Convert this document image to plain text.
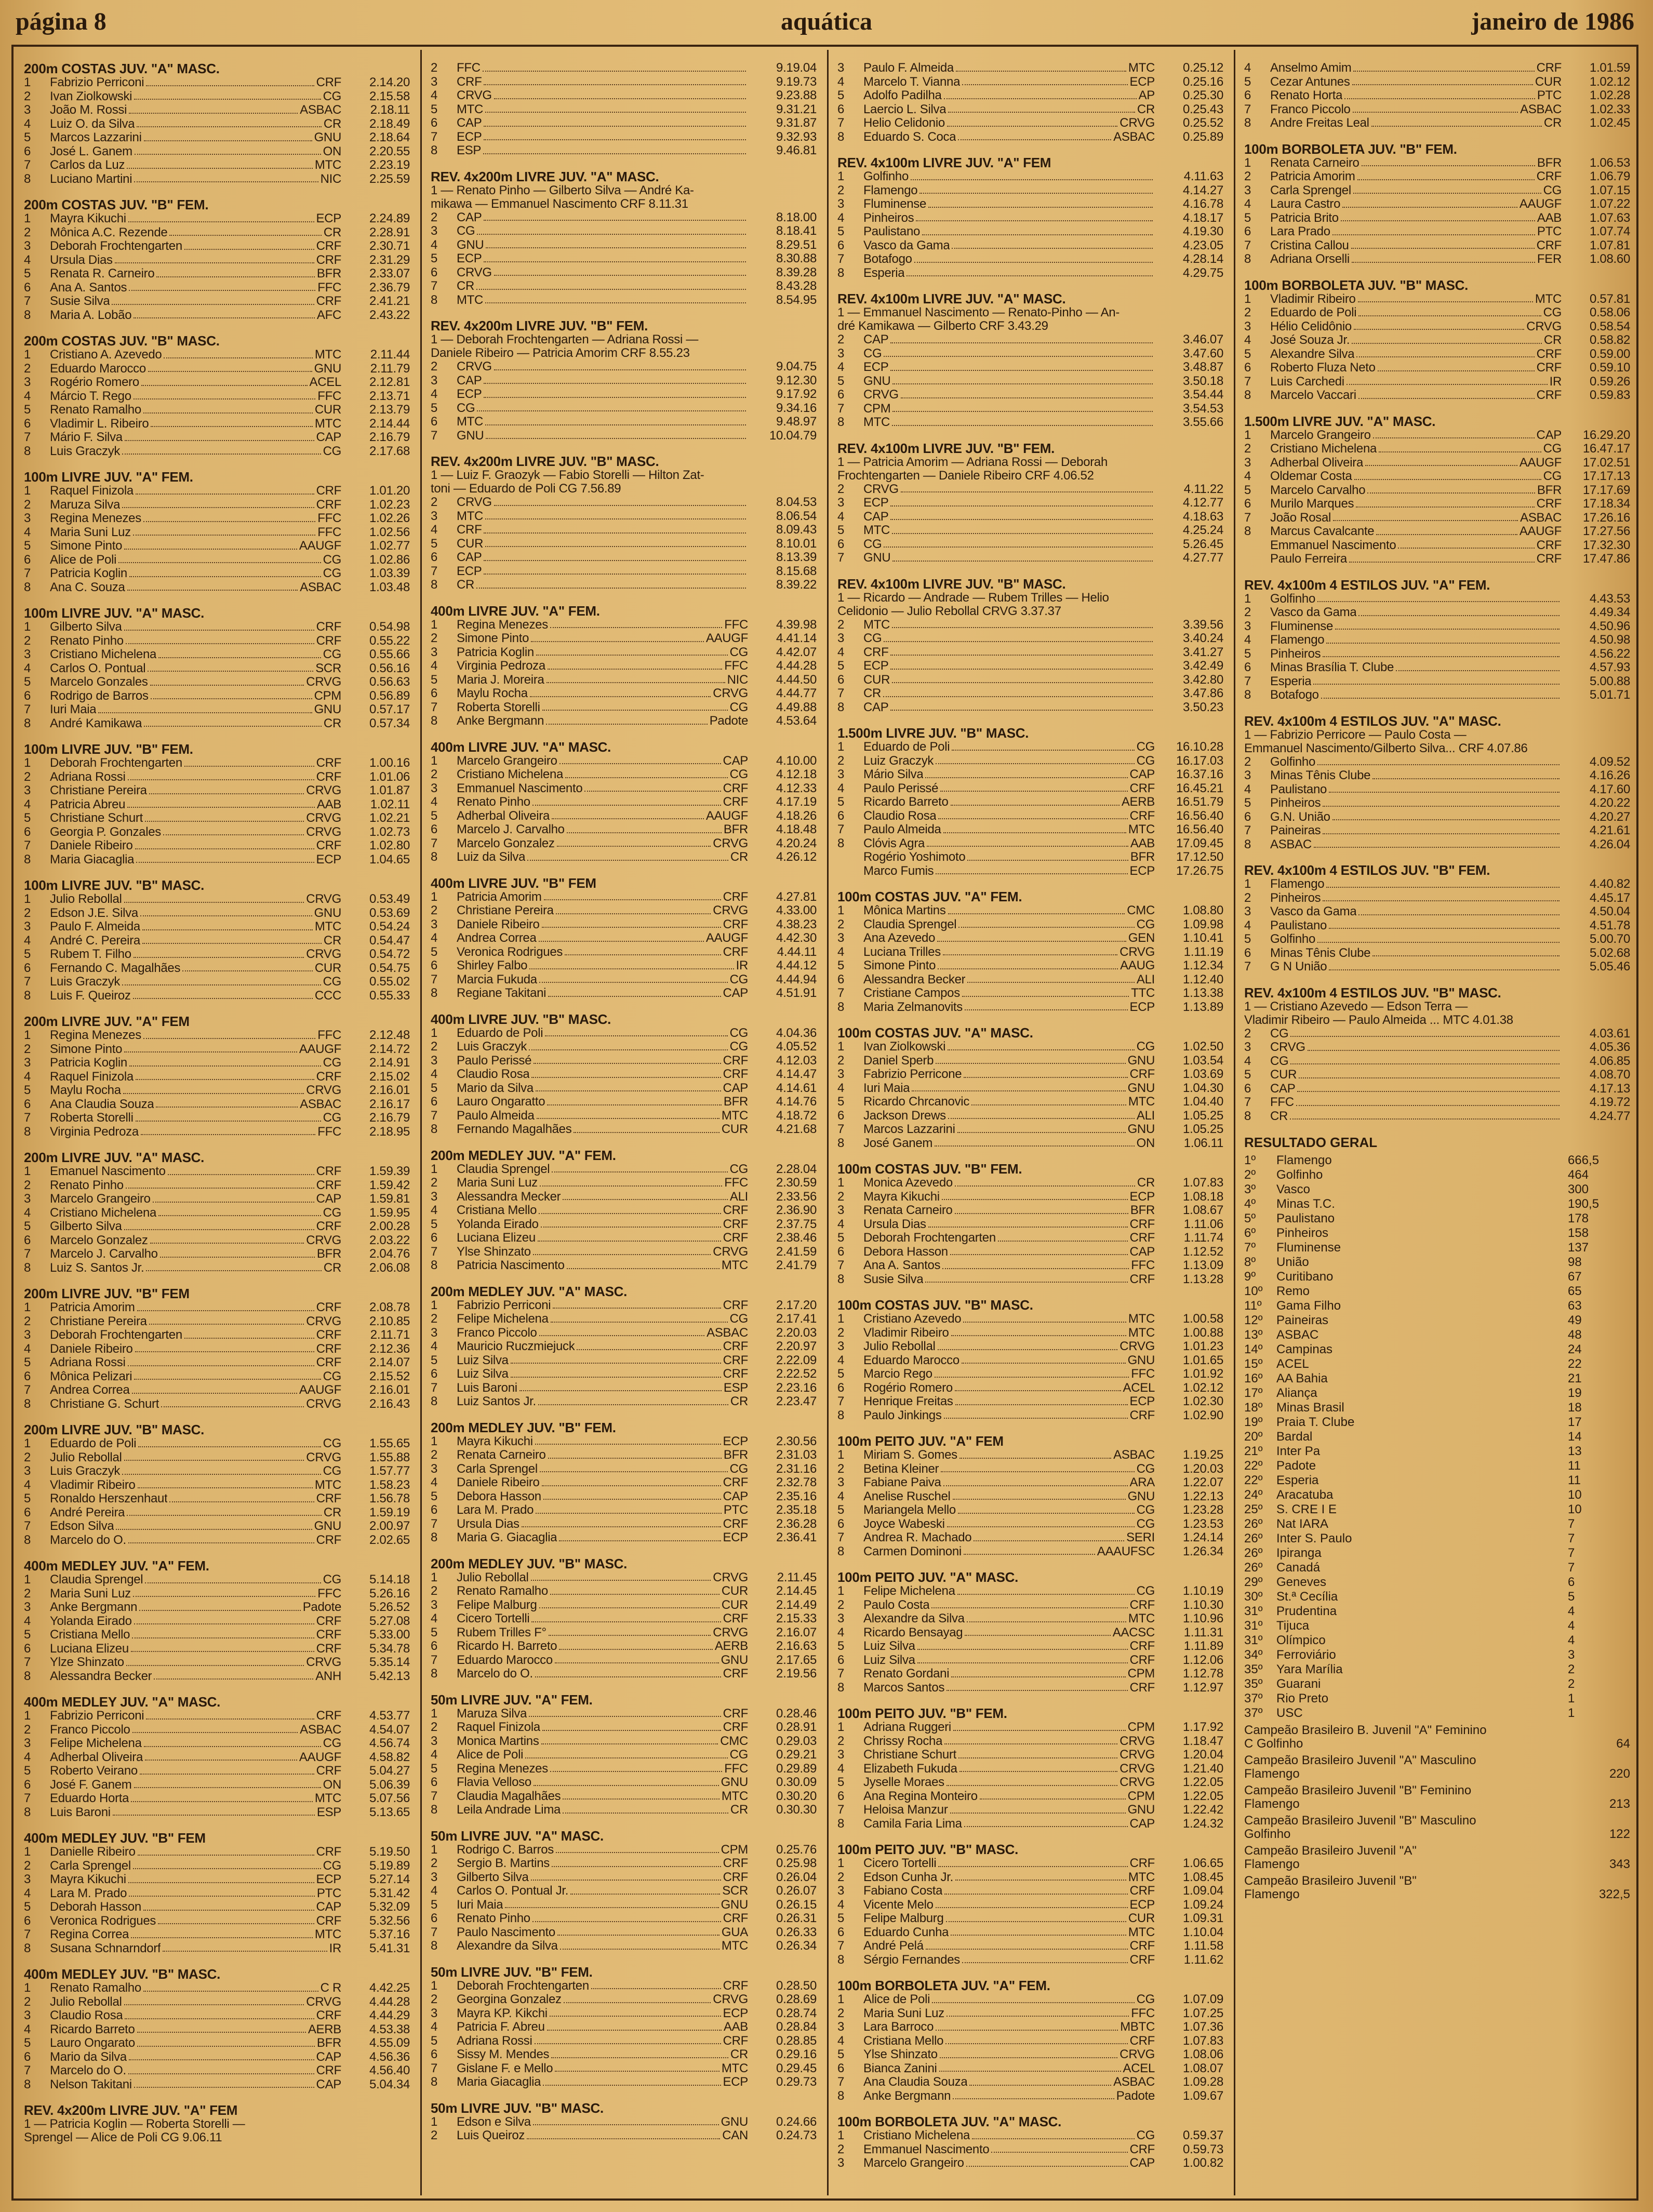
página 8	aquática	janeiro de 1986
200m COSTAS JUV. "A" MASC.
1	Fabrizio Perriconi	CRF	2.14.20
2	Ivan Ziolkowski	CG	2.15.58
3	João M. Rossi	ASBAC	2.18.11
4	Luiz O. da Silva	CR	2.18.49
5	Marcos Lazzarini	GNU	2.18.64
6	José L. Ganem	ON	2.20.55
7	Carlos da Luz	MTC	2.23.19
8	Luciano Martini	NIC	2.25.59
200m COSTAS JUV. "B" FEM.
1	Mayra Kikuchi	ECP	2.24.89
2	Mônica A.C. Rezende	CR	2.28.91
3	Deborah Frochtengarten	CRF	2.30.71
4	Ursula Dias	CRF	2.31.29
5	Renata R. Carneiro	BFR	2.33.07
6	Ana A. Santos	FFC	2.36.79
7	Susie Silva	CRF	2.41.21
8	Maria A. Lobão	AFC	2.43.22
200m COSTAS JUV. "B" MASC.
1	Cristiano A. Azevedo	MTC	2.11.44
2	Eduardo Marocco	GNU	2.11.79
3	Rogério Romero	ACEL	2.12.81
4	Márcio T. Rego	FFC	2.13.71
5	Renato Ramalho	CUR	2.13.79
6	Vladimir L. Ribeiro	MTC	2.14.44
7	Mário F. Silva	CAP	2.16.79
8	Luis Graczyk	CG	2.17.68
100m LIVRE JUV. "A" FEM.
1	Raquel Finizola	CRF	1.01.20
2	Maruza Silva	CRF	1.02.23
3	Regina Menezes	FFC	1.02.26
4	Maria Suni Luz	FFC	1.02.56
5	Simone Pinto	AAUGF	1.02.77
6	Alice de Poli	CG	1.02.86
7	Patricia Koglin	CG	1.03.39
8	Ana C. Souza	ASBAC	1.03.48
100m LIVRE JUV. "A" MASC.
1	Gilberto Silva	CRF	0.54.98
2	Renato Pinho	CRF	0.55.22
3	Cristiano Michelena	CG	0.55.66
4	Carlos O. Pontual	SCR	0.56.16
5	Marcelo Gonzales	CRVG	0.56.63
6	Rodrigo de Barros	CPM	0.56.89
7	Iuri Maia	GNU	0.57.17
8	André Kamikawa	CR	0.57.34
100m LIVRE JUV. "B" FEM.
1	Deborah Frochtengarten	CRF	1.00.16
2	Adriana Rossi	CRF	1.01.06
3	Christiane Pereira	CRVG	1.01.87
4	Patricia Abreu	AAB	1.02.11
5	Christiane Schurt	CRVG	1.02.21
6	Georgia P. Gonzales	CRVG	1.02.73
7	Daniele Ribeiro	CRF	1.02.80
8	Maria Giacaglia	ECP	1.04.65
100m LIVRE JUV. "B" MASC.
1	Julio Rebollal	CRVG	0.53.49
2	Edson J.E. Silva	GNU	0.53.69
3	Paulo F. Almeida	MTC	0.54.24
4	André C. Pereira	CR	0.54.47
5	Rubem T. Filho	CRVG	0.54.72
6	Fernando C. Magalhães	CUR	0.54.75
7	Luis Graczyk	CG	0.55.02
8	Luis F. Queiroz	CCC	0.55.33
200m LIVRE JUV. "A" FEM
1	Regina Menezes	FFC	2.12.48
2	Simone Pinto	AAUGF	2.14.72
3	Patricia Koglin	CG	2.14.91
4	Raquel Finizola	CRF	2.15.02
5	Maylu Rocha	CRVG	2.16.01
6	Ana Claudia Souza	ASBAC	2.16.17
7	Roberta Storelli	CG	2.16.79
8	Virginia Pedroza	FFC	2.18.95
200m LIVRE JUV. "A" MASC.
1	Emanuel Nascimento	CRF	1.59.39
2	Renato Pinho	CRF	1.59.42
3	Marcelo Grangeiro	CAP	1.59.81
4	Cristiano Michelena	CG	1.59.95
5	Gilberto Silva	CRF	2.00.28
6	Marcelo Gonzalez	CRVG	2.03.22
7	Marcelo J. Carvalho	BFR	2.04.76
8	Luiz S. Santos Jr.	CR	2.06.08
200m LIVRE JUV. "B" FEM
1	Patricia Amorim	CRF	2.08.78
2	Christiane Pereira	CRVG	2.10.85
3	Deborah Frochtengarten	CRF	2.11.71
4	Daniele Ribeiro	CRF	2.12.36
5	Adriana Rossi	CRF	2.14.07
6	Mônica Pelizari	CG	2.15.52
7	Andrea Correa	AAUGF	2.16.01
8	Christiane G. Schurt	CRVG	2.16.43
200m LIVRE JUV. "B" MASC.
1	Eduardo de Poli	CG	1.55.65
2	Julio Rebollal	CRVG	1.55.88
3	Luis Graczyk	CG	1.57.77
4	Vladimir Ribeiro	MTC	1.58.23
5	Ronaldo Herszenhaut	CRF	1.56.78
6	André Pereira	CR	1.59.19
7	Edson Silva	GNU	2.00.97
8	Marcelo do O.	CRF	2.02.65
400m MEDLEY JUV. "A" FEM.
1	Claudia Sprengel	CG	5.14.18
2	Maria Suni Luz	FFC	5.26.16
3	Anke Bergmann	Padote	5.26.52
4	Yolanda Eirado	CRF	5.27.08
5	Cristiana Mello	CRF	5.33.00
6	Luciana Elizeu	CRF	5.34.78
7	Ylze Shinzato	CRVG	5.35.14
8	Alessandra Becker	ANH	5.42.13
400m MEDLEY JUV. "A" MASC.
1	Fabrizio Perriconi	CRF	4.53.77
2	Franco Piccolo	ASBAC	4.54.07
3	Felipe Michelena	CG	4.56.74
4	Adherbal Oliveira	AAUGF	4.58.82
5	Roberto Veirano	CRF	5.04.27
6	José F. Ganem	ON	5.06.39
7	Eduardo Horta	MTC	5.07.56
8	Luis Baroni	ESP	5.13.65
400m MEDLEY JUV. "B" FEM
1	Danielle Ribeiro	CRF	5.19.50
2	Carla Sprengel	CG	5.19.89
3	Mayra Kikuchi	ECP	5.27.14
4	Lara M. Prado	PTC	5.31.42
5	Deborah Hasson	CAP	5.32.09
6	Veronica Rodrigues	CRF	5.32.56
7	Regina Correa	MTC	5.37.16
8	Susana Schnarndorf	IR	5.41.31
400m MEDLEY JUV. "B" MASC.
1	Renato Ramalho	C R	4.42.25
2	Julio Rebollal	CRVG	4.44.28
3	Claudio Rosa	CRF	4.44.29
4	Ricardo Barreto	AERB	4.53.38
5	Lauro Ongarato	BFR	4.55.09
6	Mario da Silva	CAP	4.56.36
7	Marcelo do O.	CRF	4.56.40
8	Nelson Takitani	CAP	5.04.34
REV. 4x200m LIVRE JUV. "A" FEM
1 — Patricia Koglin — Roberta Storelli —
Sprengel — Alice de Poli CG 9.06.11
2	FFC	9.19.04
3	CRF	9.19.73
4	CRVG	9.23.88
5	MTC	9.31.21
6	CAP	9.31.87
7	ECP	9.32.93
8	ESP	9.46.81
REV. 4x200m LIVRE JUV. "A" MASC.
1 — Renato Pinho — Gilberto Silva — André Ka-
mikawa — Emmanuel Nascimento CRF 8.11.31
2	CAP	8.18.00
3	CG	8.18.41
4	GNU	8.29.51
5	ECP	8.30.88
6	CRVG	8.39.28
7	CR	8.43.28
8	MTC	8.54.95
REV. 4x200m LIVRE JUV. "B" FEM.
1 — Deborah Frochtengarten — Adriana Rossi —
Daniele Ribeiro — Patricia Amorim CRF 8.55.23
2	CRVG	9.04.75
3	CAP	9.12.30
4	ECP	9.17.92
5	CG	9.34.16
6	MTC	9.48.97
7	GNU	10.04.79
REV. 4x200m LIVRE JUV. "B" MASC.
1 — Luiz F. Graozyk — Fabio Storelli — Hilton Zat-
toni — Eduardo de Poli CG 7.56.89
2	CRVG	8.04.53
3	MTC	8.06.54
4	CRF	8.09.43
5	CUR	8.10.01
6	CAP	8.13.39
7	ECP	8.15.68
8	CR	8.39.22
400m LIVRE JUV. "A" FEM.
1	Regina Menezes	FFC	4.39.98
2	Simone Pinto	AAUGF	4.41.14
3	Patricia Koglin	CG	4.42.07
4	Virginia Pedroza	FFC	4.44.28
5	Maria J. Moreira	NIC	4.44.50
6	Maylu Rocha	CRVG	4.44.77
7	Roberta Storelli	CG	4.49.88
8	Anke Bergmann	Padote	4.53.64
400m LIVRE JUV. "A" MASC.
1	Marcelo Grangeiro	CAP	4.10.00
2	Cristiano Michelena	CG	4.12.18
3	Emmanuel Nascimento	CRF	4.12.33
4	Renato Pinho	CRF	4.17.19
5	Adherbal Oliveira	AAUGF	4.18.26
6	Marcelo J. Carvalho	BFR	4.18.48
7	Marcelo Gonzalez	CRVG	4.20.24
8	Luiz da Silva	CR	4.26.12
400m LIVRE JUV. "B" FEM
1	Patricia Amorim	CRF	4.27.81
2	Christiane Pereira	CRVG	4.33.00
3	Daniele Ribeiro	CRF	4.38.23
4	Andrea Correa	AAUGF	4.42.30
5	Veronica Rodrigues	CRF	4.44.11
6	Shirley Falbo	IR	4.44.12
7	Marcia Fukuda	CG	4.44.94
8	Regiane Takitani	CAP	4.51.91
400m LIVRE JUV. "B" MASC.
1	Eduardo de Poli	CG	4.04.36
2	Luis Graczyk	CG	4.05.52
3	Paulo Perissé	CRF	4.12.03
4	Claudio Rosa	CRF	4.14.47
5	Mario da Silva	CAP	4.14.61
6	Lauro Ongaratto	BFR	4.14.76
7	Paulo Almeida	MTC	4.18.72
8	Fernando Magalhães	CUR	4.21.68
200m MEDLEY JUV. "A" FEM.
1	Claudia Sprengel	CG	2.28.04
2	Maria Suni Luz	FFC	2.30.59
3	Alessandra Mecker	ALI	2.33.56
4	Cristiana Mello	CRF	2.36.90
5	Yolanda Eirado	CRF	2.37.75
6	Luciana Elizeu	CRF	2.38.46
7	Ylse Shinzato	CRVG	2.41.59
8	Patricia Nascimento	MTC	2.41.79
200m MEDLEY JUV. "A" MASC.
1	Fabrizio Perriconi	CRF	2.17.20
2	Felipe Michelena	CG	2.17.41
3	Franco Piccolo	ASBAC	2.20.03
4	Mauricio Ruczmiejuck	CRF	2.20.97
5	Luiz Silva	CRF	2.22.09
6	Luiz Silva	CRF	2.22.52
7	Luis Baroni	ESP	2.23.16
8	Luiz Santos Jr.	CR	2.23.47
200m MEDLEY JUV. "B" FEM.
1	Mayra Kikuchi	ECP	2.30.56
2	Renata Carneiro	BFR	2.31.03
3	Carla Sprengel	CG	2.31.16
4	Daniele Ribeiro	CRF	2.32.78
5	Debora Hasson	CAP	2.35.16
6	Lara M. Prado	PTC	2.35.18
7	Ursula Dias	CRF	2.36.28
8	Maria G. Giacaglia	ECP	2.36.41
200m MEDLEY JUV. "B" MASC.
1	Julio Rebollal	CRVG	2.11.45
2	Renato Ramalho	CUR	2.14.45
3	Felipe Malburg	CUR	2.14.49
4	Cicero Tortelli	CRF	2.15.33
5	Rubem Trilles F°	CRVG	2.16.07
6	Ricardo H. Barreto	AERB	2.16.63
7	Eduardo Marocco	GNU	2.17.65
8	Marcelo do O.	CRF	2.19.56
50m LIVRE JUV. "A" FEM.
1	Maruza Silva	CRF	0.28.46
2	Raquel Finizola	CRF	0.28.91
3	Monica Martins	CMC	0.29.03
4	Alice de Poli	CG	0.29.21
5	Regina Menezes	FFC	0.29.89
6	Flavia Velloso	GNU	0.30.09
7	Claudia Magalhães	MTC	0.30.20
8	Leila Andrade Lima	CR	0.30.30
50m LIVRE JUV. "A" MASC.
1	Rodrigo C. Barros	CPM	0.25.76
2	Sergio B. Martins	CRF	0.25.98
3	Gilberto Silva	CRF	0.26.04
4	Carlos O. Pontual Jr.	SCR	0.26.07
5	Iuri Maia	GNU	0.26.15
6	Renato Pinho	CRF	0.26.31
7	Paulo Nascimento	GUA	0.26.33
8	Alexandre da Silva	MTC	0.26.34
50m LIVRE JUV. "B" FEM.
1	Deborah Frochtengarten	CRF	0.28.50
2	Georgina Gonzalez	CRVG	0.28.69
3	Mayra KP. Kikchi	ECP	0.28.74
4	Patricia F. Abreu	AAB	0.28.84
5	Adriana Rossi	CRF	0.28.85
6	Sissy M. Mendes	CR	0.29.16
7	Gislane F. e Mello	MTC	0.29.45
8	Maria Giacaglia	ECP	0.29.73
50m LIVRE JUV. "B" MASC.
1	Edson e Silva	GNU	0.24.66
2	Luis Queiroz	CAN	0.24.73
3	Paulo F. Almeida	MTC	0.25.12
4	Marcelo T. Vianna	ECP	0.25.16
5	Adolfo Padilha	AP	0.25.30
6	Laercio L. Silva	CR	0.25.43
7	Helio Celidonio	CRVG	0.25.52
8	Eduardo S. Coca	ASBAC	0.25.89
REV. 4x100m LIVRE JUV. "A" FEM
1	Golfinho	4.11.63
2	Flamengo	4.14.27
3	Fluminense	4.16.78
4	Pinheiros	4.18.17
5	Paulistano	4.19.30
6	Vasco da Gama	4.23.05
7	Botafogo	4.28.14
8	Esperia	4.29.75
REV. 4x100m LIVRE JUV. "A" MASC.
1 — Emmanuel Nascimento — Renato-Pinho — An-
dré Kamikawa — Gilberto CRF 3.43.29
2	CAP	3.46.07
3	CG	3.47.60
4	ECP	3.48.87
5	GNU	3.50.18
6	CRVG	3.54.44
7	CPM	3.54.53
8	MTC	3.55.66
REV. 4x100m LIVRE JUV. "B" FEM.
1 — Patricia Amorim — Adriana Rossi — Deborah
Frochtengarten — Daniele Ribeiro CRF 4.06.52
2	CRVG	4.11.22
3	ECP	4.12.77
4	CAP	4.18.63
5	MTC	4.25.24
6	CG	5.26.45
7	GNU	4.27.77
REV. 4x100m LIVRE JUV. "B" MASC.
1 — Ricardo — Andrade — Rubem Trilles — Helio
Celidonio — Julio Rebollal CRVG 3.37.37
2	MTC	3.39.56
3	CG	3.40.24
4	CRF	3.41.27
5	ECP	3.42.49
6	CUR	3.42.80
7	CR	3.47.86
8	CAP	3.50.23
1.500m LIVRE JUV. "B" MASC.
1	Eduardo de Poli	CG	16.10.28
2	Luiz Graczyk	CG	16.17.03
3	Mário Silva	CAP	16.37.16
4	Paulo Perissé	CRF	16.45.21
5	Ricardo Barreto	AERB	16.51.79
6	Claudio Rosa	CRF	16.56.40
7	Paulo Almeida	MTC	16.56.40
8	Clóvis Agra	AAB	17.09.45
Rogério Yoshimoto	BFR	17.12.50
Marco Fumis	ECP	17.26.75
100m COSTAS JUV. "A" FEM.
1	Mônica Martins	CMC	1.08.80
2	Claudia Sprengel	CG	1.09.98
3	Ana Azevedo	GEN	1.10.41
4	Luciana Trilles	CRVG	1.11.19
5	Simone Pinto	AAUG	1.12.34
6	Alessandra Becker	ALI	1.12.40
7	Cristiane Campos	TTC	1.13.38
8	Maria Zelmanovits	ECP	1.13.89
100m COSTAS JUV. "A" MASC.
1	Ivan Ziolkowski	CG	1.02.50
2	Daniel Sperb	GNU	1.03.54
3	Fabrizio Perricone	CRF	1.03.69
4	Iuri Maia	GNU	1.04.30
5	Ricardo Chrcanovic	MTC	1.04.40
6	Jackson Drews	ALI	1.05.25
7	Marcos Lazzarini	GNU	1.05.25
8	José Ganem	ON	1.06.11
100m COSTAS JUV. "B" FEM.
1	Monica Azevedo	CR	1.07.83
2	Mayra Kikuchi	ECP	1.08.18
3	Renata Carneiro	BFR	1.08.67
4	Ursula Dias	CRF	1.11.06
5	Deborah Frochtengarten	CRF	1.11.74
6	Debora Hasson	CAP	1.12.52
7	Ana A. Santos	FFC	1.13.09
8	Susie Silva	CRF	1.13.28
100m COSTAS JUV. "B" MASC.
1	Cristiano Azevedo	MTC	1.00.58
2	Vladimir Ribeiro	MTC	1.00.88
3	Julio Rebollal	CRVG	1.01.23
4	Eduardo Marocco	GNU	1.01.65
5	Marcio Rego	FFC	1.01.92
6	Rogério Romero	ACEL	1.02.12
7	Henrique Freitas	ECP	1.02.30
8	Paulo Jinkings	CRF	1.02.90
100m PEITO JUV. "A" FEM
1	Miriam S. Gomes	ASBAC	1.19.25
2	Betina Kleiner	CG	1.20.03
3	Fabiane Paiva	ARA	1.22.07
4	Anelise Ruschel	GNU	1.22.13
5	Mariangela Mello	CG	1.23.28
6	Joyce Wabeski	CG	1.23.53
7	Andrea R. Machado	SERI	1.24.14
8	Carmen Dominoni	AAAUFSC	1.26.34
100m PEITO JUV. "A" MASC.
1	Felipe Michelena	CG	1.10.19
2	Paulo Costa	CRF	1.10.30
3	Alexandre da Silva	MTC	1.10.96
4	Ricardo Bensayag	AACSC	1.11.31
5	Luiz Silva	CRF	1.11.89
6	Luiz Silva	CRF	1.12.06
7	Renato Gordani	CPM	1.12.78
8	Marcos Santos	CRF	1.12.97
100m PEITO JUV. "B" FEM.
1	Adriana Ruggeri	CPM	1.17.92
2	Chrissy Rocha	CRVG	1.18.47
3	Christiane Schurt	CRVG	1.20.04
4	Elizabeth Fukuda	CRVG	1.21.40
5	Jyselle Moraes	CRVG	1.22.05
6	Ana Regina Monteiro	CPM	1.22.05
7	Heloisa Manzur	GNU	1.22.42
8	Camila Faria Lima	CAP	1.24.32
100m PEITO JUV. "B" MASC.
1	Cicero Tortelli	CRF	1.06.65
2	Edson Cunha Jr.	MTC	1.08.45
3	Fabiano Costa	CRF	1.09.04
4	Vicente Melo	ECP	1.09.24
5	Felipe Malburg	CUR	1.09.31
6	Eduardo Cunha	MTC	1.10.04
7	André Pelá	CRF	1.11.58
8	Sérgio Fernandes	CRF	1.11.62
100m BORBOLETA JUV. "A" FEM.
1	Alice de Poli	CG	1.07.09
2	Maria Suni Luz	FFC	1.07.25
3	Lara Barroco	MBTC	1.07.36
4	Cristiana Mello	CRF	1.07.83
5	Ylse Shinzato	CRVG	1.08.06
6	Bianca Zanini	ACEL	1.08.07
7	Ana Claudia Souza	ASBAC	1.09.28
8	Anke Bergmann	Padote	1.09.67
100m BORBOLETA JUV. "A" MASC.
1	Cristiano Michelena	CG	0.59.37
2	Emmanuel Nascimento	CRF	0.59.73
3	Marcelo Grangeiro	CAP	1.00.82
4	Anselmo Amim	CRF	1.01.59
5	Cezar Antunes	CUR	1.02.12
6	Renato Horta	PTC	1.02.28
7	Franco Piccolo	ASBAC	1.02.33
8	Andre Freitas Leal	CR	1.02.45
100m BORBOLETA JUV. "B" FEM.
1	Renata Carneiro	BFR	1.06.53
2	Patricia Amorim	CRF	1.06.79
3	Carla Sprengel	CG	1.07.15
4	Laura Castro	AAUGF	1.07.22
5	Patricia Brito	AAB	1.07.63
6	Lara Prado	PTC	1.07.74
7	Cristina Callou	CRF	1.07.81
8	Adriana Orselli	FER	1.08.60
100m BORBOLETA JUV. "B" MASC.
1	Vladimir Ribeiro	MTC	0.57.81
2	Eduardo de Poli	CG	0.58.06
3	Hélio Celidônio	CRVG	0.58.54
4	José Souza Jr.	CR	0.58.82
5	Alexandre Silva	CRF	0.59.00
6	Roberto Fluza Neto	CRF	0.59.10
7	Luis Carchedi	IR	0.59.26
8	Marcelo Vaccari	CRF	0.59.83
1.500m LIVRE JUV. "A" MASC.
1	Marcelo Grangeiro	CAP	16.29.20
2	Cristiano Michelena	CG	16.47.17
3	Adherbal Oliveira	AAUGF	17.02.51
4	Oldemar Costa	CG	17.17.13
5	Marcelo Carvalho	BFR	17.17.69
6	Murilo Marques	CRF	17.18.34
7	João Rosal	ASBAC	17.26.16
8	Marcus Cavalcante	AAUGF	17.27.56
Emmanuel Nascimento	CRF	17.32.30
Paulo Ferreira	CRF	17.47.86
REV. 4x100m 4 ESTILOS JUV. "A" FEM.
1	Golfinho	4.43.53
2	Vasco da Gama	4.49.34
3	Fluminense	4.50.96
4	Flamengo	4.50.98
5	Pinheiros	4.56.22
6	Minas Brasília T. Clube	4.57.93
7	Esperia	5.00.88
8	Botafogo	5.01.71
REV. 4x100m 4 ESTILOS JUV. "A" MASC.
1 — Fabrizio Perricore — Paulo Costa —
Emmanuel Nascimento/Gilberto Silva... CRF 4.07.86
2	Golfinho	4.09.52
3	Minas Tênis Clube	4.16.26
4	Paulistano	4.17.60
5	Pinheiros	4.20.22
6	G.N. União	4.20.27
7	Paineiras	4.21.61
8	ASBAC	4.26.04
REV. 4x100m 4 ESTILOS JUV. "B" FEM.
1	Flamengo	4.40.82
2	Pinheiros	4.45.17
3	Vasco da Gama	4.50.04
4	Paulistano	4.51.78
5	Golfinho	5.00.70
6	Minas Tênis Clube	5.02.68
7	G N União	5.05.46
REV. 4x100m 4 ESTILOS JUV. "B" MASC.
1 — Cristiano Azevedo — Edson Terra —
Vladimir Ribeiro — Paulo Almeida ... MTC 4.01.38
2	CG	4.03.61
3	CRVG	4.05.36
4	CG	4.06.85
5	CUR	4.08.70
6	CAP	4.17.13
7	FFC	4.19.72
8	CR	4.24.77
RESULTADO GERAL
1º	Flamengo	666,5
2º	Golfinho	464
3º	Vasco	300
4º	Minas T.C.	190,5
5º	Paulistano	178
6º	Pinheiros	158
7º	Fluminense	137
8º	União	98
9º	Curitibano	67
10º	Remo	65
11º	Gama Filho	63
12º	Paineiras	49
13º	ASBAC	48
14º	Campinas	24
15º	ACEL	22
16º	AA Bahia	21
17º	Aliança	19
18º	Minas Brasil	18
19º	Praia T. Clube	17
20º	Bardal	14
21º	Inter Pa	13
22º	Padote	11
22º	Esperia	11
24º	Aracatuba	10
25º	S. CRE I E	10
26º	Nat IARA	7
26º	Inter S. Paulo	7
26º	Ipiranga	7
26º	Canadá	7
29º	Geneves	6
30º	St.ª Cecília	5
31º	Prudentina	4
31º	Tijuca	4
31º	Olímpico	4
34º	Ferroviário	3
35º	Yara Marília	2
35º	Guarani	2
37º	Rio Preto	1
37º	USC	1
Campeão Brasileiro B. Juvenil "A" Feminino
C Golfinho	64
Campeão Brasileiro Juvenil "A" Masculino
Flamengo	220
Campeão Brasileiro Juvenil "B" Feminino
Flamengo	213
Campeão Brasileiro Juvenil "B" Masculino
Golfinho	122
Campeão Brasileiro Juvenil "A"
Flamengo	343
Campeão Brasileiro Juvenil "B"
Flamengo	322,5
